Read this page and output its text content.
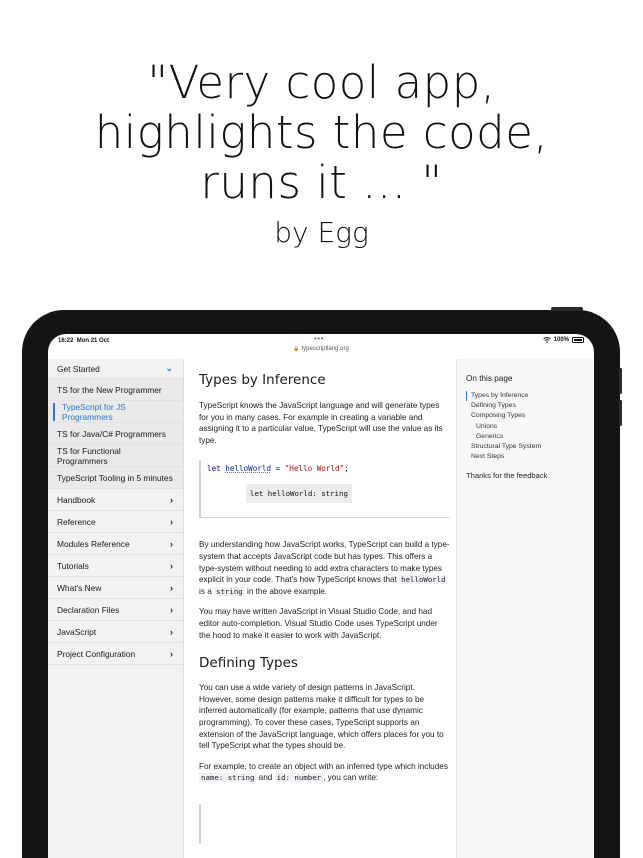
"Very cool app,
highlights the code,
runs it ... "
by Egg
16:22 Mon 21 Oct	•••	100%
🔒 typescriptlang.org
Get Started	⌄
TS for the New Programmer
TypeScript for JS Programmers
TS for Java/C# Programmers
TS for Functional Programmers
TypeScript Tooling in 5 minutes
Handbook	›
Reference	›
Modules Reference	›
Tutorials	›
What's New	›
Declaration Files	›
JavaScript	›
Project Configuration	›
Types by Inference

TypeScript knows the JavaScript language and will generate types for you in many cases. For example in creating a variable and assigning it to a particular value, TypeScript will use the value as its type.

let helloWorld = "Hello World";
let helloWorld: string

By understanding how JavaScript works, TypeScript can build a type-system that accepts JavaScript code but has types. This offers a type-system without needing to add extra characters to make types explicit in your code. That's how TypeScript knows that helloWorld is a string in the above example.

You may have written JavaScript in Visual Studio Code, and had editor auto-completion. Visual Studio Code uses TypeScript under the hood to make it easier to work with JavaScript.

Defining Types

You can use a wide variety of design patterns in JavaScript. However, some design patterns make it difficult for types to be inferred automatically (for example, patterns that use dynamic programming). To cover these cases, TypeScript supports an extension of the JavaScript language, which offers places for you to tell TypeScript what the types should be.

For example, to create an object with an inferred type which includes name: string and id: number , you can write:

On this page
Types by Inference
Defining Types
Composing Types
Unions
Generics
Structural Type System
Next Steps
Thanks for the feedback
